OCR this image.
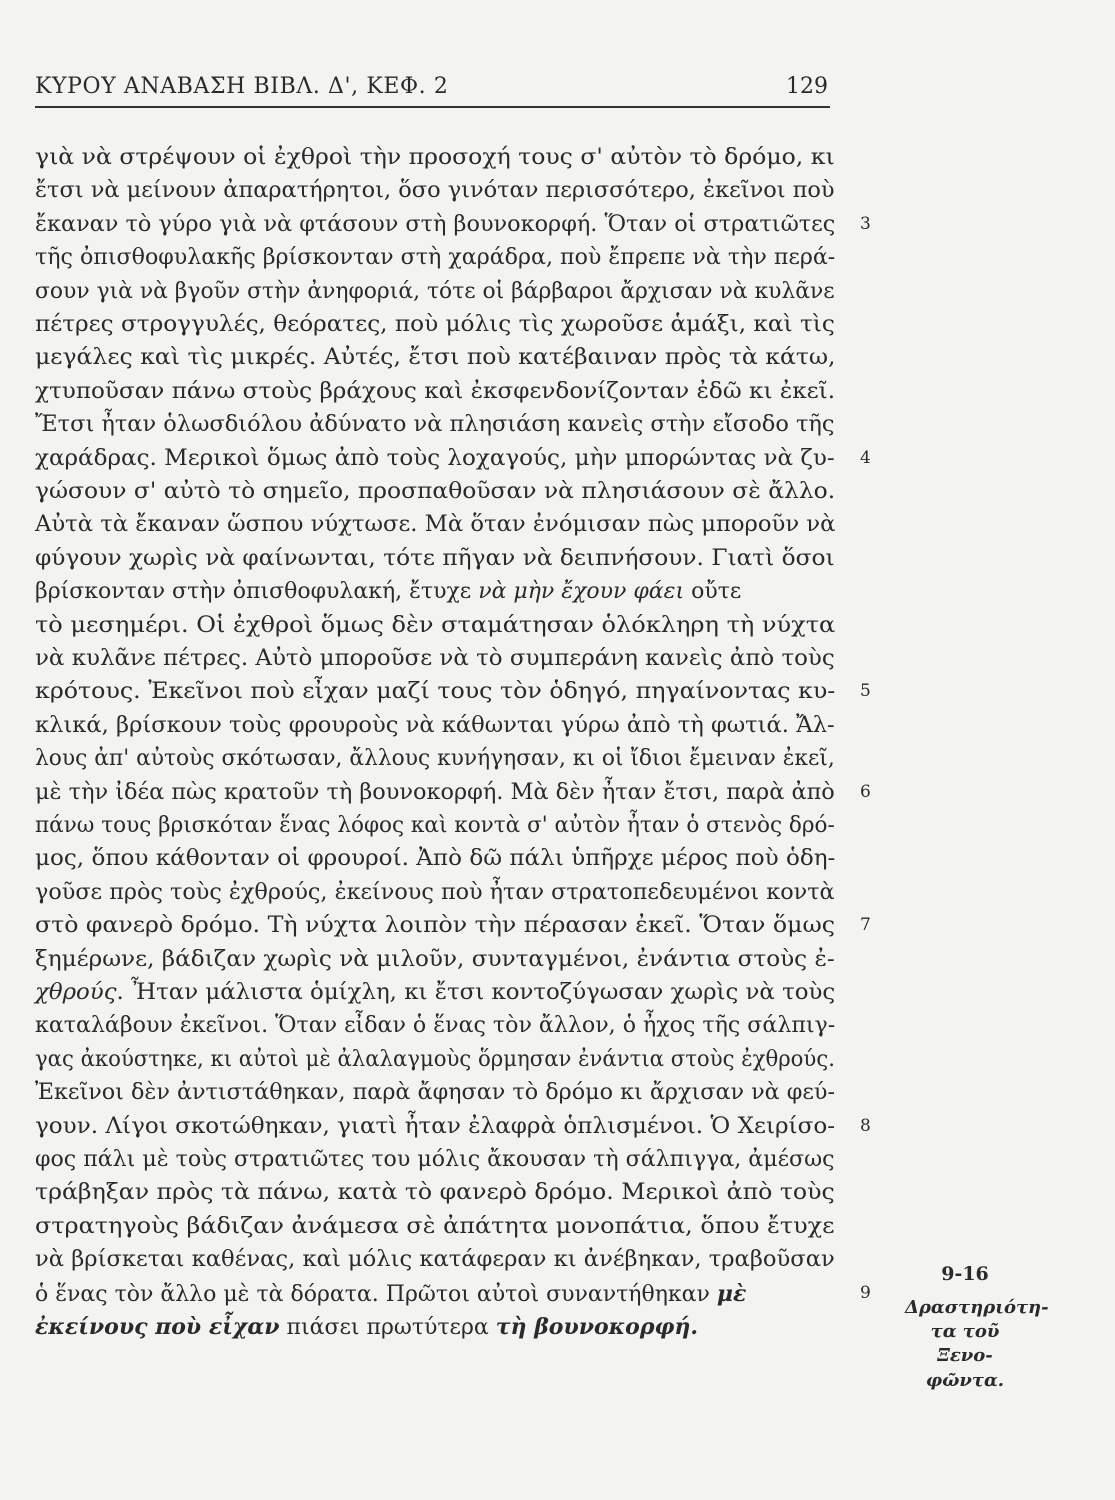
ΚΥΡΟΥ ΑΝΑΒΑΣΗ ΒΙΒΛ. Δ', ΚΕΦ. 2	129
γιὰ νὰ στρέψουν οἱ ἐχθροὶ τὴν προσοχή τους σ' αὐτὸν τὸ δρόμο, κι
ἔτσι νὰ μείνουν ἀπαρατήρητοι, ὅσο γινόταν περισσότερο, ἐκεῖνοι ποὺ
ἔκαναν τὸ γύρο γιὰ νὰ φτάσουν στὴ βουνοκορφή. Ὅταν οἱ στρατιῶτες
τῆς ὀπισθοφυλακῆς βρίσκονταν στὴ χαράδρα, ποὺ ἔπρεπε νὰ τὴν περά-
σουν γιὰ νὰ βγοῦν στὴν ἀνηφοριά, τότε οἱ βάρβαροι ἄρχισαν νὰ κυλᾶνε
πέτρες στρογγυλές, θεόρατες, ποὺ μόλις τὶς χωροῦσε ἁμάξι, καὶ τὶς
μεγάλες καὶ τὶς μικρές. Αὐτές, ἔτσι ποὺ κατέβαιναν πρὸς τὰ κάτω,
χτυποῦσαν πάνω στοὺς βράχους καὶ ἐκσφενδονίζονταν ἐδῶ κι ἐκεῖ.
Ἔτσι ἦταν ὁλωσδιόλου ἀδύνατο νὰ πλησιάση κανεὶς στὴν εἴσοδο τῆς
χαράδρας. Μερικοὶ ὅμως ἀπὸ τοὺς λοχαγούς, μὴν μπορώντας νὰ ζυ-
γώσουν σ' αὐτὸ τὸ σημεῖο, προσπαθοῦσαν νὰ πλησιάσουν σὲ ἄλλο.
Αὐτὰ τὰ ἔκαναν ὥσπου νύχτωσε. Μὰ ὅταν ἐνόμισαν πὼς μποροῦν νὰ
φύγουν χωρὶς νὰ φαίνωνται, τότε πῆγαν νὰ δειπνήσουν. Γιατὶ ὅσοι
βρίσκονταν στὴν ὀπισθοφυλακή, ἔτυχε νὰ μὴν ἔχουν φάει οὔτε
τὸ μεσημέρι. Οἱ ἐχθροὶ ὅμως δὲν σταμάτησαν ὁλόκληρη τὴ νύχτα
νὰ κυλᾶνε πέτρες. Αὐτὸ μποροῦσε νὰ τὸ συμπεράνη κανεὶς ἀπὸ τοὺς
κρότους. Ἐκεῖνοι ποὺ εἶχαν μαζί τους τὸν ὁδηγό, πηγαίνοντας κυ-
κλικά, βρίσκουν τοὺς φρουροὺς νὰ κάθωνται γύρω ἀπὸ τὴ φωτιά. Ἄλ-
λους ἀπ' αὐτοὺς σκότωσαν, ἄλλους κυνήγησαν, κι οἱ ἴδιοι ἔμειναν ἐκεῖ,
μὲ τὴν ἰδέα πὼς κρατοῦν τὴ βουνοκορφή. Μὰ δὲν ἦταν ἔτσι, παρὰ ἀπὸ
πάνω τους βρισκόταν ἕνας λόφος καὶ κοντὰ σ' αὐτὸν ἦταν ὁ στενὸς δρό-
μος, ὅπου κάθονταν οἱ φρουροί. Ἀπὸ δῶ πάλι ὑπῆρχε μέρος ποὺ ὁδη-
γοῦσε πρὸς τοὺς ἐχθρούς, ἐκείνους ποὺ ἦταν στρατοπεδευμένοι κοντὰ
στὸ φανερὸ δρόμο. Τὴ νύχτα λοιπὸν τὴν πέρασαν ἐκεῖ. Ὅταν ὅμως
ξημέρωνε, βάδιζαν χωρὶς νὰ μιλοῦν, συνταγμένοι, ἐνάντια στοὺς ἐ-
χθρούς. Ἦταν μάλιστα ὁμίχλη, κι ἔτσι κοντοζύγωσαν χωρὶς νὰ τοὺς
καταλάβουν ἐκεῖνοι. Ὅταν εἶδαν ὁ ἕνας τὸν ἄλλον, ὁ ἦχος τῆς σάλπιγ-
γας ἀκούστηκε, κι αὐτοὶ μὲ ἀλαλαγμοὺς ὅρμησαν ἐνάντια στοὺς ἐχθρούς.
Ἐκεῖνοι δὲν ἀντιστάθηκαν, παρὰ ἄφησαν τὸ δρόμο κι ἄρχισαν νὰ φεύ-
γουν. Λίγοι σκοτώθηκαν, γιατὶ ἦταν ἐλαφρὰ ὁπλισμένοι. Ὁ Χειρίσο-
φος πάλι μὲ τοὺς στρατιῶτες του μόλις ἄκουσαν τὴ σάλπιγγα, ἀμέσως
τράβηξαν πρὸς τὰ πάνω, κατὰ τὸ φανερὸ δρόμο. Μερικοὶ ἀπὸ τοὺς
στρατηγοὺς βάδιζαν ἀνάμεσα σὲ ἀπάτητα μονοπάτια, ὅπου ἔτυχε
νὰ βρίσκεται καθένας, καὶ μόλις κατάφεραν κι ἀνέβηκαν, τραβοῦσαν
ὁ ἕνας τὸν ἄλλο μὲ τὰ δόρατα. Πρῶτοι αὐτοὶ συναντήθηκαν μὲ
ἐκείνους ποὺ εἶχαν πιάσει πρωτύτερα τὴ βουνοκορφή.
3
4
5
6
7
8
9
9-16
Δραστηριότη-
τα τοῦ Ξενο-
φῶντα.
